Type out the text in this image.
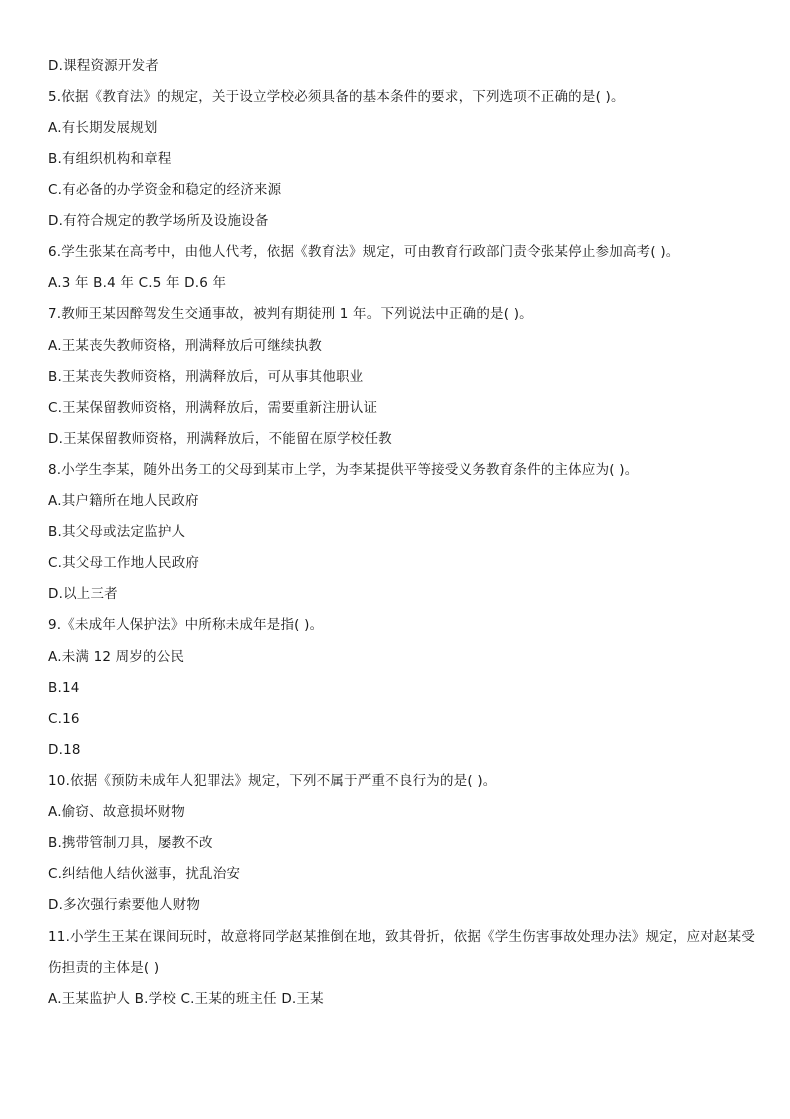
D.课程资源开发者
5.依据《教育法》的规定，关于设立学校必须具备的基本条件的要求，下列选项不正确的是( )。
A.有长期发展规划
B.有组织机构和章程
C.有必备的办学资金和稳定的经济来源
D.有符合规定的教学场所及设施设备
6.学生张某在高考中，由他人代考，依据《教育法》规定，可由教育行政部门责令张某停止参加高考( )。
A.3 年 B.4 年 C.5 年 D.6 年
7.教师王某因醉驾发生交通事故，被判有期徒刑 1 年。下列说法中正确的是( )。
A.王某丧失教师资格，刑满释放后可继续执教
B.王某丧失教师资格，刑满释放后，可从事其他职业
C.王某保留教师资格，刑满释放后，需要重新注册认证
D.王某保留教师资格，刑满释放后，不能留在原学校任教
8.小学生李某，随外出务工的父母到某市上学，为李某提供平等接受义务教育条件的主体应为( )。
A.其户籍所在地人民政府
B.其父母或法定监护人
C.其父母工作地人民政府
D.以上三者
9.《未成年人保护法》中所称未成年是指( )。
A.未满 12 周岁的公民
B.14
C.16
D.18
10.依据《预防未成年人犯罪法》规定，下列不属于严重不良行为的是( )。
A.偷窃、故意损坏财物
B.携带管制刀具，屡教不改
C.纠结他人结伙滋事，扰乱治安
D.多次强行索要他人财物
11.小学生王某在课间玩时，故意将同学赵某推倒在地，致其骨折，依据《学生伤害事故处理办法》规定，应对赵某受伤担责的主体是( )
A.王某监护人 B.学校 C.王某的班主任 D.王某
